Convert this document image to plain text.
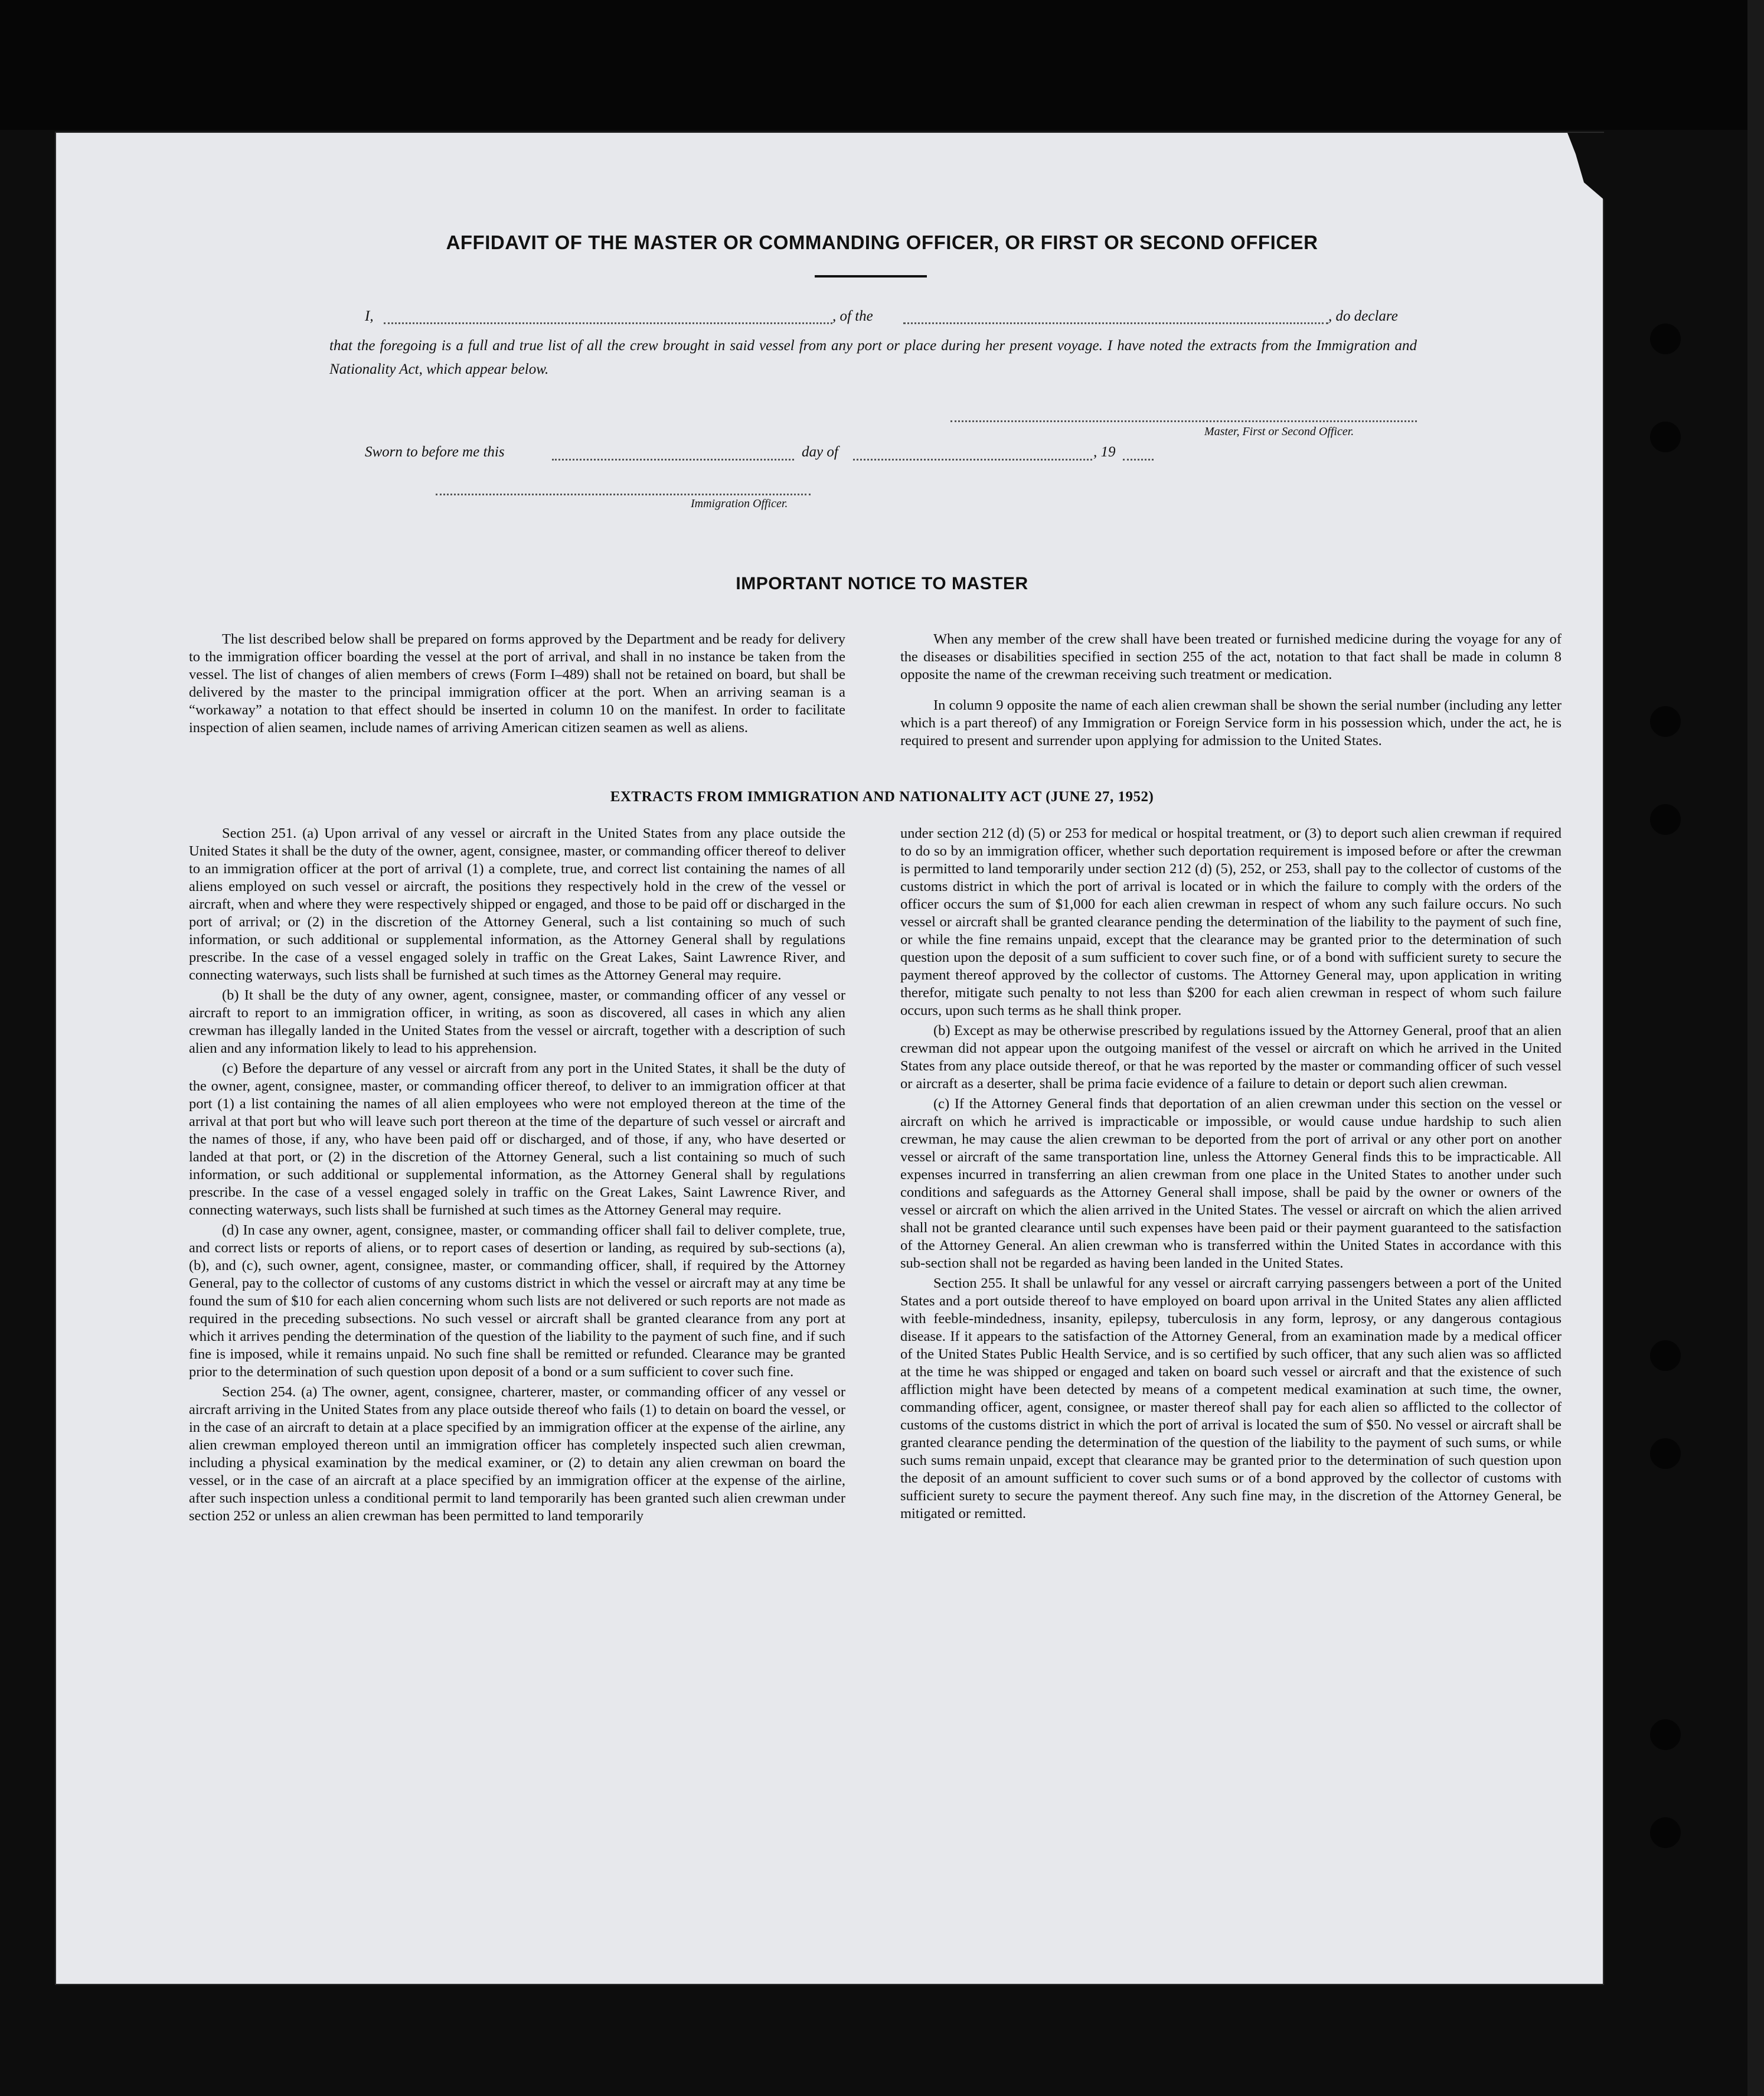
AFFIDAVIT OF THE MASTER OR COMMANDING OFFICER, OR FIRST OR SECOND OFFICER
I,	, of the	, do declare
that the foregoing is a full and true list of all the crew brought in said vessel from any port or place during her present voyage. I have noted the extracts from the Immigration and Nationality Act, which appear below.
Master, First or Second Officer.
Sworn to before me this	day of	, 19
Immigration Officer.
IMPORTANT NOTICE TO MASTER

The list described below shall be prepared on forms approved by the Department and be ready for delivery to the immigration officer boarding the vessel at the port of arrival, and shall in no instance be taken from the vessel. The list of changes of alien members of crews (Form I–489) shall not be retained on board, but shall be delivered by the master to the principal immigration officer at the port. When an arriving seaman is a “workaway” a notation to that effect should be inserted in column 10 on the manifest. In order to facilitate inspection of alien seamen, include names of arriving American citizen seamen as well as aliens.

When any member of the crew shall have been treated or furnished medicine during the voyage for any of the diseases or disabilities specified in section 255 of the act, notation to that fact shall be made in column 8 opposite the name of the crewman receiving such treatment or medication.

In column 9 opposite the name of each alien crewman shall be shown the serial number (including any letter which is a part thereof) of any Immigration or Foreign Service form in his possession which, under the act, he is required to present and surrender upon applying for admission to the United States.

EXTRACTS FROM IMMIGRATION AND NATIONALITY ACT (JUNE 27, 1952)

Section 251. (a) Upon arrival of any vessel or aircraft in the United States from any place outside the United States it shall be the duty of the owner, agent, consignee, master, or commanding officer thereof to deliver to an immigration officer at the port of arrival (1) a complete, true, and correct list containing the names of all aliens employed on such vessel or aircraft, the positions they respectively hold in the crew of the vessel or aircraft, when and where they were respectively shipped or engaged, and those to be paid off or discharged in the port of arrival; or (2) in the discretion of the Attorney General, such a list containing so much of such information, or such additional or supplemental information, as the Attorney General shall by regulations prescribe. In the case of a vessel engaged solely in traffic on the Great Lakes, Saint Lawrence River, and connecting waterways, such lists shall be furnished at such times as the Attorney General may require.

(b) It shall be the duty of any owner, agent, consignee, master, or commanding officer of any vessel or aircraft to report to an immigration officer, in writing, as soon as discovered, all cases in which any alien crewman has illegally landed in the United States from the vessel or aircraft, together with a description of such alien and any information likely to lead to his apprehension.

(c) Before the departure of any vessel or aircraft from any port in the United States, it shall be the duty of the owner, agent, consignee, master, or commanding officer thereof, to deliver to an immigration officer at that port (1) a list containing the names of all alien employees who were not employed thereon at the time of the arrival at that port but who will leave such port thereon at the time of the departure of such vessel or aircraft and the names of those, if any, who have been paid off or discharged, and of those, if any, who have deserted or landed at that port, or (2) in the discretion of the Attorney General, such a list containing so much of such information, or such additional or supplemental information, as the Attorney General shall by regulations prescribe. In the case of a vessel engaged solely in traffic on the Great Lakes, Saint Lawrence River, and connecting waterways, such lists shall be furnished at such times as the Attorney General may require.

(d) In case any owner, agent, consignee, master, or commanding officer shall fail to deliver complete, true, and correct lists or reports of aliens, or to report cases of desertion or landing, as required by sub-sections (a), (b), and (c), such owner, agent, consignee, master, or commanding officer, shall, if required by the Attorney General, pay to the collector of customs of any customs district in which the vessel or aircraft may at any time be found the sum of $10 for each alien concerning whom such lists are not delivered or such reports are not made as required in the preceding subsections. No such vessel or aircraft shall be granted clearance from any port at which it arrives pending the determination of the question of the liability to the payment of such fine, and if such fine is imposed, while it remains unpaid. No such fine shall be remitted or refunded. Clearance may be granted prior to the determination of such question upon deposit of a bond or a sum sufficient to cover such fine.

Section 254. (a) The owner, agent, consignee, charterer, master, or commanding officer of any vessel or aircraft arriving in the United States from any place outside thereof who fails (1) to detain on board the vessel, or in the case of an aircraft to detain at a place specified by an immigration officer at the expense of the airline, any alien crewman employed thereon until an immigration officer has completely inspected such alien crewman, including a physical examination by the medical examiner, or (2) to detain any alien crewman on board the vessel, or in the case of an aircraft at a place specified by an immigration officer at the expense of the airline, after such inspection unless a conditional permit to land temporarily has been granted such alien crewman under section 252 or unless an alien crewman has been permitted to land temporarily

under section 212 (d) (5) or 253 for medical or hospital treatment, or (3) to deport such alien crewman if required to do so by an immigration officer, whether such deportation requirement is imposed before or after the crewman is permitted to land temporarily under section 212 (d) (5), 252, or 253, shall pay to the collector of customs of the customs district in which the port of arrival is located or in which the failure to comply with the orders of the officer occurs the sum of $1,000 for each alien crewman in respect of whom any such failure occurs. No such vessel or aircraft shall be granted clearance pending the determination of the liability to the payment of such fine, or while the fine remains unpaid, except that the clearance may be granted prior to the determination of such question upon the deposit of a sum sufficient to cover such fine, or of a bond with sufficient surety to secure the payment thereof approved by the collector of customs. The Attorney General may, upon application in writing therefor, mitigate such penalty to not less than $200 for each alien crewman in respect of whom such failure occurs, upon such terms as he shall think proper.

(b) Except as may be otherwise prescribed by regulations issued by the Attorney General, proof that an alien crewman did not appear upon the outgoing manifest of the vessel or aircraft on which he arrived in the United States from any place outside thereof, or that he was reported by the master or commanding officer of such vessel or aircraft as a deserter, shall be prima facie evidence of a failure to detain or deport such alien crewman.

(c) If the Attorney General finds that deportation of an alien crewman under this section on the vessel or aircraft on which he arrived is impracticable or impossible, or would cause undue hardship to such alien crewman, he may cause the alien crewman to be deported from the port of arrival or any other port on another vessel or aircraft of the same transportation line, unless the Attorney General finds this to be impracticable. All expenses incurred in transferring an alien crewman from one place in the United States to another under such conditions and safeguards as the Attorney General shall impose, shall be paid by the owner or owners of the vessel or aircraft on which the alien arrived in the United States. The vessel or aircraft on which the alien arrived shall not be granted clearance until such expenses have been paid or their payment guaranteed to the satisfaction of the Attorney General. An alien crewman who is transferred within the United States in accordance with this sub-section shall not be regarded as having been landed in the United States.

Section 255. It shall be unlawful for any vessel or aircraft carrying passengers between a port of the United States and a port outside thereof to have employed on board upon arrival in the United States any alien afflicted with feeble-mindedness, insanity, epilepsy, tuberculosis in any form, leprosy, or any dangerous contagious disease. If it appears to the satisfaction of the Attorney General, from an examination made by a medical officer of the United States Public Health Service, and is so certified by such officer, that any such alien was so afflicted at the time he was shipped or engaged and taken on board such vessel or aircraft and that the existence of such affliction might have been detected by means of a competent medical examination at such time, the owner, commanding officer, agent, consignee, or master thereof shall pay for each alien so afflicted to the collector of customs of the customs district in which the port of arrival is located the sum of $50. No vessel or aircraft shall be granted clearance pending the determination of the question of the liability to the payment of such sums, or while such sums remain unpaid, except that clearance may be granted prior to the determination of such question upon the deposit of an amount sufficient to cover such sums or of a bond approved by the collector of customs with sufficient surety to secure the payment thereof. Any such fine may, in the discretion of the Attorney General, be mitigated or remitted.
